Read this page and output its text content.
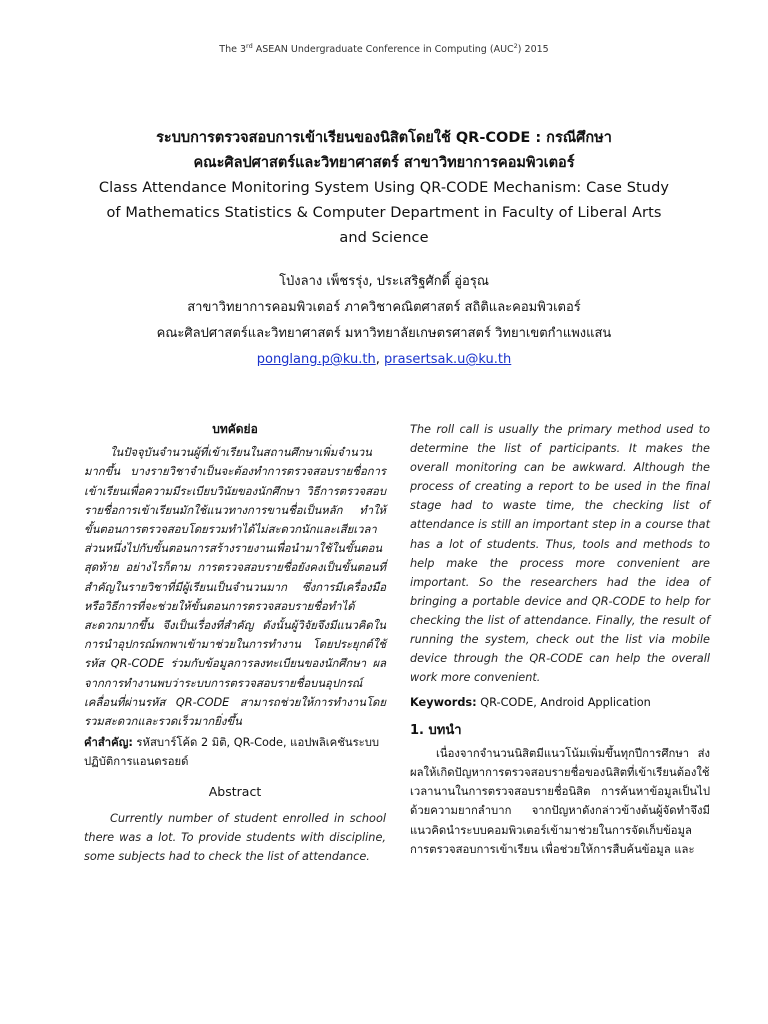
The 3rd ASEAN Undergraduate Conference in Computing (AUC$^2$) 2015
ระบบการตรวจสอบการเข้าเรียนของนิสิตโดยใช้ QR-CODE : กรณีศึกษา
คณะศิลปศาสตร์และวิทยาศาสตร์ สาขาวิทยาการคอมพิวเตอร์
Class Attendance Monitoring System Using QR-CODE Mechanism: Case Study
of Mathematics Statistics & Computer Department in Faculty of Liberal Arts
and Science
โป่งลาง เพ็ชรรุ่ง, ประเสริฐศักดิ์ อู่อรุณ
สาขาวิทยาการคอมพิวเตอร์ ภาควิชาคณิตศาสตร์ สถิติและคอมพิวเตอร์
คณะศิลปศาสตร์และวิทยาศาสตร์ มหาวิทยาลัยเกษตรศาสตร์ วิทยาเขตกำแพงแสน
ponglang.p@ku.th, prasertsak.u@ku.th
บทคัดย่อ
ในปัจจุบันจำนวนผู้ที่เข้าเรียนในสถานศึกษาเพิ่มจำนวนมากขึ้น บางรายวิชาจำเป็นจะต้องทำการตรวจสอบรายชื่อการเข้าเรียนเพื่อความมีระเบียบวินัยของนักศึกษา วิธีการตรวจสอบรายชื่อการเข้าเรียนมักใช้แนวทางการขานชื่อเป็นหลัก ทำให้ขั้นตอนการตรวจสอบโดยรวมทำได้ไม่สะดวกนักและเสียเวลาส่วนหนึ่งไปกับขั้นตอนการสร้างรายงานเพื่อนำมาใช้ในขั้นตอนสุดท้าย อย่างไรก็ตาม การตรวจสอบรายชื่อยังคงเป็นขั้นตอนที่สำคัญในรายวิชาที่มีผู้เรียนเป็นจำนวนมาก ซึ่งการมีเครื่องมือหรือวิธีการที่จะช่วยให้ขั้นตอนการตรวจสอบรายชื่อทำได้สะดวกมากขึ้น จึงเป็นเรื่องที่สำคัญ ดังนั้นผู้วิจัยจึงมีแนวคิดในการนำอุปกรณ์พกพาเข้ามาช่วยในการทำงาน โดยประยุกต์ใช้รหัส QR-CODE ร่วมกับข้อมูลการลงทะเบียนของนักศึกษา ผลจากการทำงานพบว่าระบบการตรวจสอบรายชื่อบนอุปกรณ์เคลื่อนที่ผ่านรหัส QR-CODE สามารถช่วยให้การทำงานโดยรวมสะดวกและรวดเร็วมากยิ่งขึ้น
คำสำคัญ: รหัสบาร์โค้ด 2 มิติ, QR-Code, แอปพลิเคชันระบบปฏิบัติการแอนดรอยด์
Abstract
Currently number of student enrolled in school there was a lot. To provide students with discipline, some subjects had to check the list of attendance.
The roll call is usually the primary method used to determine the list of participants. It makes the overall monitoring can be awkward. Although the process of creating a report to be used in the final stage had to waste time, the checking list of attendance is still an important step in a course that has a lot of students. Thus, tools and methods to help make the process more convenient are important. So the researchers had the idea of bringing a portable device and QR-CODE to help for checking the list of attendance. Finally, the result of running the system, check out the list via mobile device through the QR-CODE can help the overall work more convenient.
Keywords: QR-CODE, Android Application
1. บทนำ
เนื่องจากจำนวนนิสิตมีแนวโน้มเพิ่มขึ้นทุกปีการศึกษา ส่งผลให้เกิดปัญหาการตรวจสอบรายชื่อของนิสิตที่เข้าเรียนต้องใช้เวลานานในการตรวจสอบรายชื่อนิสิต การค้นหาข้อมูลเป็นไปด้วยความยากลำบาก จากปัญหาดังกล่าวข้างต้นผู้จัดทำจึงมีแนวคิดนำระบบคอมพิวเตอร์เข้ามาช่วยในการจัดเก็บข้อมูลการตรวจสอบการเข้าเรียน เพื่อช่วยให้การสืบค้นข้อมูล และ
